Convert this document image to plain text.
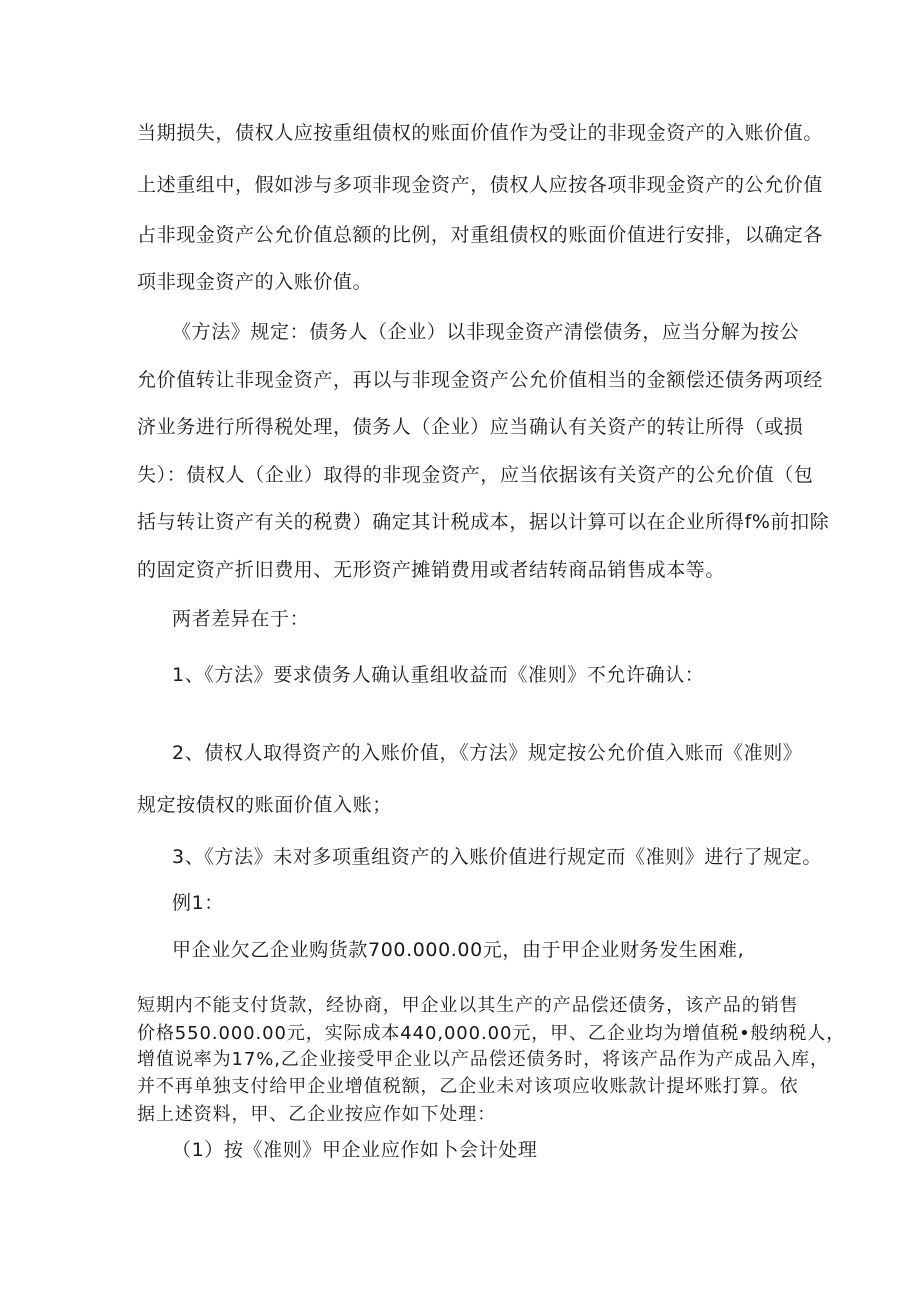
当期损失，债权人应按重组债权的账面价值作为受让的非现金资产的入账价值。
上述重组中，假如涉与多项非现金资产，债权人应按各项非现金资产的公允价值
占非现金资产公允价值总额的比例，对重组债权的账面价值进行安排，以确定各
项非现金资产的入账价值。
《方法》规定：债务人（企业）以非现金资产清偿债务，应当分解为按公
允价值转让非现金资产，再以与非现金资产公允价值相当的金额偿还债务两项经
济业务进行所得税处理，债务人（企业）应当确认有关资产的转让所得（或损
失）：债权人（企业）取得的非现金资产，应当依据该有关资产的公允价值（包
括与转让资产有关的税费）确定其计税成本，据以计算可以在企业所得f%前扣除
的固定资产折旧费用、无形资产摊销费用或者结转商品销售成本等。
两者差异在于：
1、《方法》要求债务人确认重组收益而《准则》不允许确认：
2、债权人取得资产的入账价值，《方法》规定按公允价值入账而《准则》
规定按债权的账面价值入账；
3、《方法》未对多项重组资产的入账价值进行规定而《准则》进行了规定。
例1：
甲企业欠乙企业购货款700.000.00元，由于甲企业财务发生困难,
短期内不能支付货款，经协商，甲企业以其生产的产品偿还债务，该产品的销售
价格550.000.00元，实际成本440,000.00元，甲、乙企业均为增值税•般纳税人，
增值说率为17%,乙企业接受甲企业以产品偿还债务时，将该产品作为产成品入库，
并不再单独支付给甲企业增值税额，乙企业未对该项应收账款计提坏账打算。依
据上述资料，甲、乙企业按应作如下处理：
（1）按《准则》甲企业应作如卜会计处理
